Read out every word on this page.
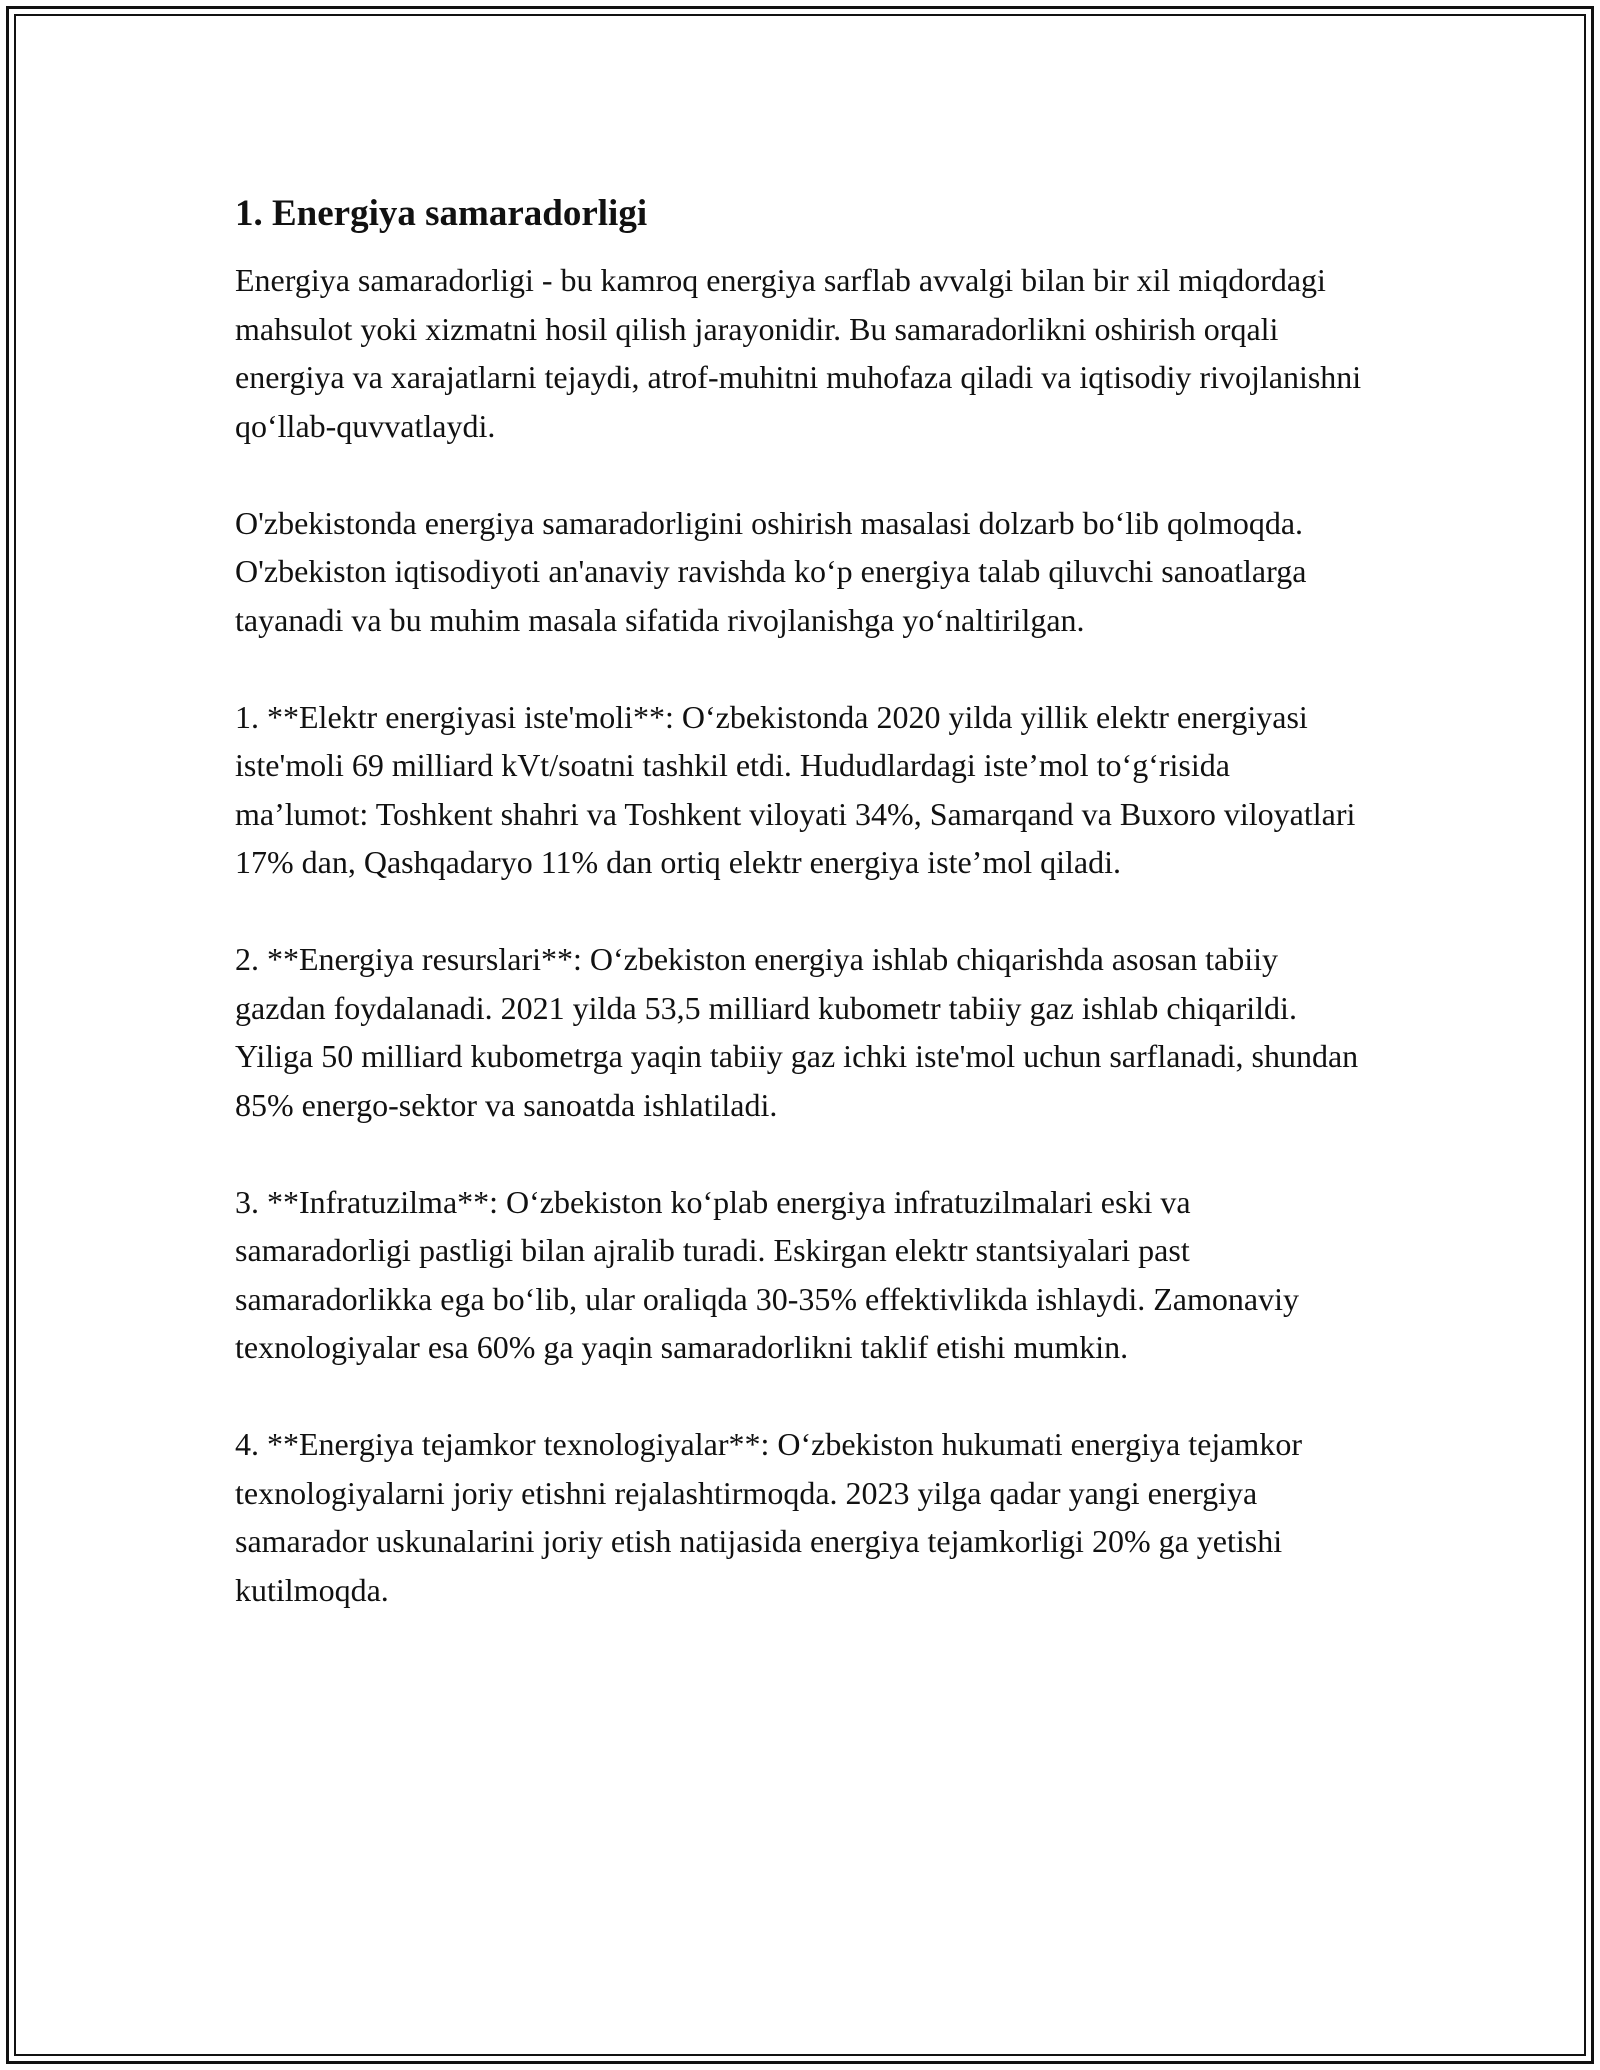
1. Energiya samaradorligi

Energiya samaradorligi - bu kamroq energiya sarflab avvalgi bilan bir xil miqdordagi mahsulot yoki xizmatni hosil qilish jarayonidir. Bu samaradorlikni oshirish orqali energiya va xarajatlarni tejaydi, atrof-muhitni muhofaza qiladi va iqtisodiy rivojlanishni qo‘llab-quvvatlaydi.

O'zbekistonda energiya samaradorligini oshirish masalasi dolzarb bo‘lib qolmoqda. O'zbekiston iqtisodiyoti an'anaviy ravishda ko‘p energiya talab qiluvchi sanoatlarga tayanadi va bu muhim masala sifatida rivojlanishga yo‘naltirilgan.

1. **Elektr energiyasi iste'moli**: O‘zbekistonda 2020 yilda yillik elektr energiyasi iste'moli 69 milliard kVt/soatni tashkil etdi. Hududlardagi iste’mol to‘g‘risida ma’lumot: Toshkent shahri va Toshkent viloyati 34%, Samarqand va Buxoro viloyatlari 17% dan, Qashqadaryo 11% dan ortiq elektr energiya iste’mol qiladi.

2. **Energiya resurslari**: O‘zbekiston energiya ishlab chiqarishda asosan tabiiy gazdan foydalanadi. 2021 yilda 53,5 milliard kubometr tabiiy gaz ishlab chiqarildi. Yiliga 50 milliard kubometrga yaqin tabiiy gaz ichki iste'mol uchun sarflanadi, shundan 85% energo-sektor va sanoatda ishlatiladi.

3. **Infratuzilma**: O‘zbekiston ko‘plab energiya infratuzilmalari eski va samaradorligi pastligi bilan ajralib turadi. Eskirgan elektr stantsiyalari past samaradorlikka ega bo‘lib, ular oraliqda 30-35% effektivlikda ishlaydi. Zamonaviy texnologiyalar esa 60% ga yaqin samaradorlikni taklif etishi mumkin.

4. **Energiya tejamkor texnologiyalar**: O‘zbekiston hukumati energiya tejamkor texnologiyalarni joriy etishni rejalashtirmoqda. 2023 yilga qadar yangi energiya samarador uskunalarini joriy etish natijasida energiya tejamkorligi 20% ga yetishi kutilmoqda.
